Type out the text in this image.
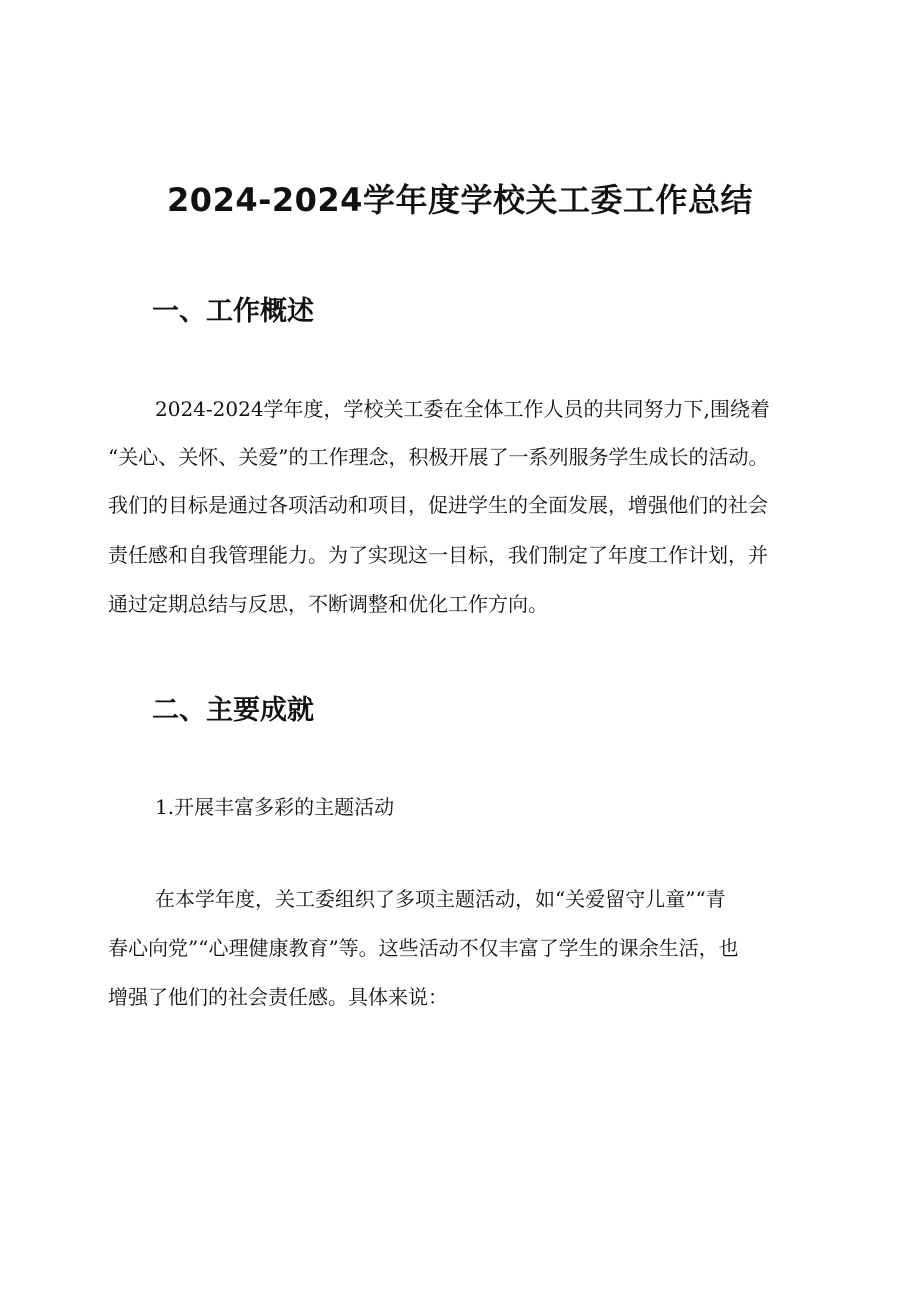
2024-2024学年度学校关工委工作总结
一、工作概述
2024-2024学年度，学校关工委在全体工作人员的共同努力下,围绕着
“关心、关怀、关爱”的工作理念，积极开展了一系列服务学生成长的活动。
我们的目标是通过各项活动和项目，促进学生的全面发展，增强他们的社会
责任感和自我管理能力。为了实现这一目标，我们制定了年度工作计划，并
通过定期总结与反思，不断调整和优化工作方向。
二、主要成就
1.开展丰富多彩的主题活动
在本学年度，关工委组织了多项主题活动，如“关爱留守儿童”“青
春心向党”“心理健康教育”等。这些活动不仅丰富了学生的课余生活，也
增强了他们的社会责任感。具体来说：
